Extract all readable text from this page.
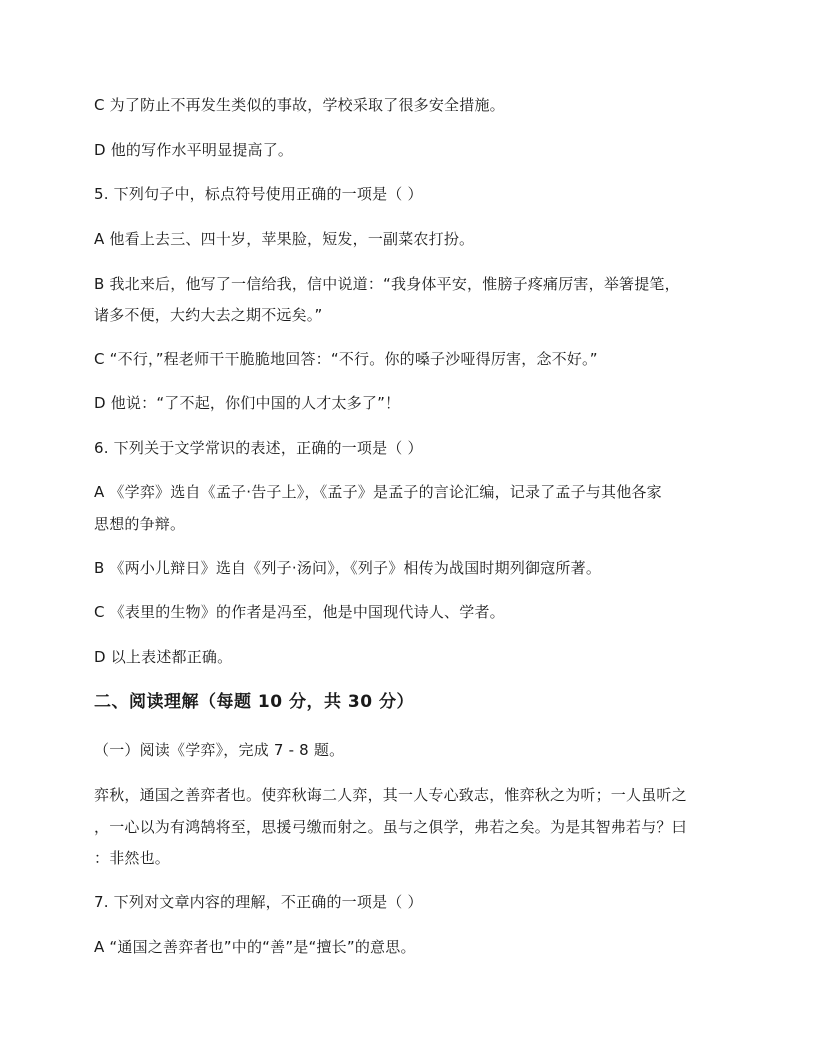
C 为了防止不再发生类似的事故，学校采取了很多安全措施。
D 他的写作水平明显提高了。
5. 下列句子中，标点符号使用正确的一项是（ ）
A 他看上去三、四十岁，苹果脸，短发，一副菜农打扮。
B 我北来后，他写了一信给我，信中说道：“我身体平安，惟膀子疼痛厉害，举箸提笔，
诸多不便，大约大去之期不远矣。”
C “不行，”程老师干干脆脆地回答：“不行。你的嗓子沙哑得厉害，念不好。”
D 他说：“了不起，你们中国的人才太多了”！
6. 下列关于文学常识的表述，正确的一项是（ ）
A 《学弈》选自《孟子·告子上》，《孟子》是孟子的言论汇编，记录了孟子与其他各家
思想的争辩。
B 《两小儿辩日》选自《列子·汤问》，《列子》相传为战国时期列御寇所著。
C 《表里的生物》的作者是冯至，他是中国现代诗人、学者。
D 以上表述都正确。
二、阅读理解（每题 10 分，共 30 分）
（一）阅读《学弈》，完成 7 - 8 题。
弈秋，通国之善弈者也。使弈秋诲二人弈，其一人专心致志，惟弈秋之为听；一人虽听之
，一心以为有鸿鹄将至，思援弓缴而射之。虽与之俱学，弗若之矣。为是其智弗若与？曰
：非然也。
7. 下列对文章内容的理解，不正确的一项是（ ）
A “通国之善弈者也”中的“善”是“擅长”的意思。
